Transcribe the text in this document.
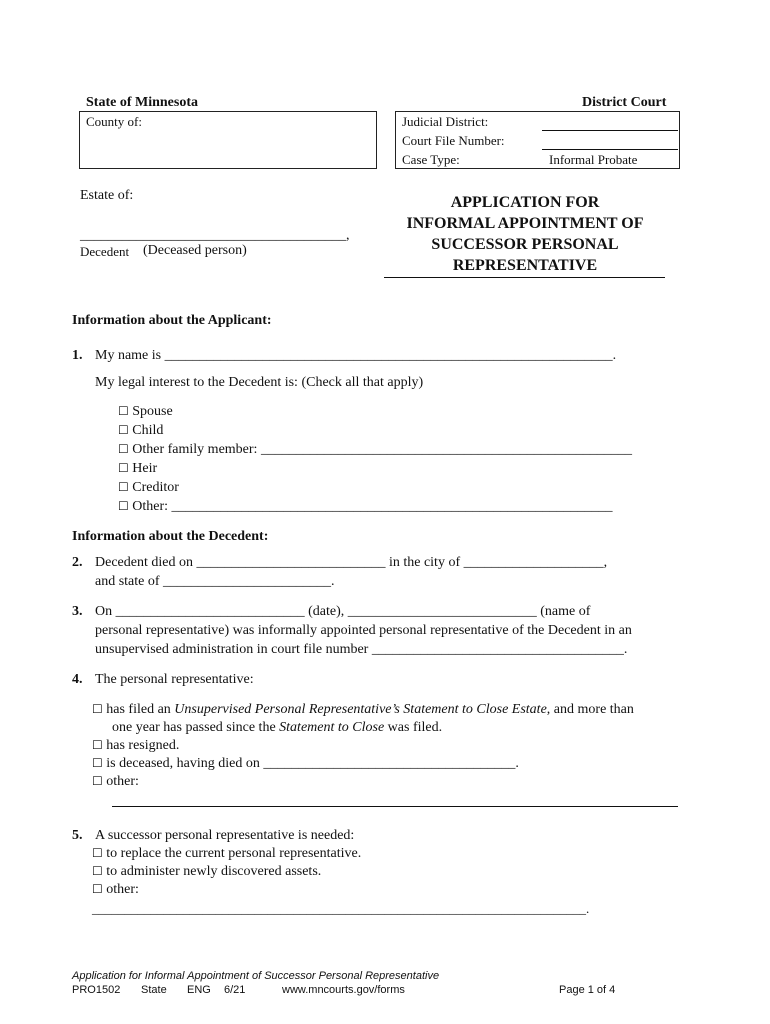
State of Minnesota	District Court
County of:	Judicial District:
Court File Number:
Case Type:	Informal Probate
Estate of:
______________________________________,
Decedent (Deceased person)
APPLICATION FOR
INFORMAL APPOINTMENT OF
SUCCESSOR PERSONAL
REPRESENTATIVE
Information about the Applicant:
1. My name is ________________________________________________________________.
My legal interest to the Decedent is: (Check all that apply)
☐ Spouse
☐ Child
☐ Other family member: _____________________________________________________
☐ Heir
☐ Creditor
☐ Other: _______________________________________________________________
Information about the Decedent:
2. Decedent died on ___________________________ in the city of ____________________,
and state of ________________________.
3. On ___________________________ (date), ___________________________ (name of
personal representative) was informally appointed personal representative of the Decedent in an
unsupervised administration in court file number ____________________________________.
4. The personal representative:
☐ has filed an Unsupervised Personal Representative’s Statement to Close Estate, and more than
one year has passed since the Statement to Close was filed.
☐ has resigned.
☐ is deceased, having died on ____________________________________.
☐ other:
5. A successor personal representative is needed:
☐ to replace the current personal representative.
☐ to administer newly discovered assets.
☐ other:
____________________________________________________________________________.
Application for Informal Appointment of Successor Personal Representative
PRO1502 State ENG 6/21	www.mncourts.gov/forms	Page 1 of 4
